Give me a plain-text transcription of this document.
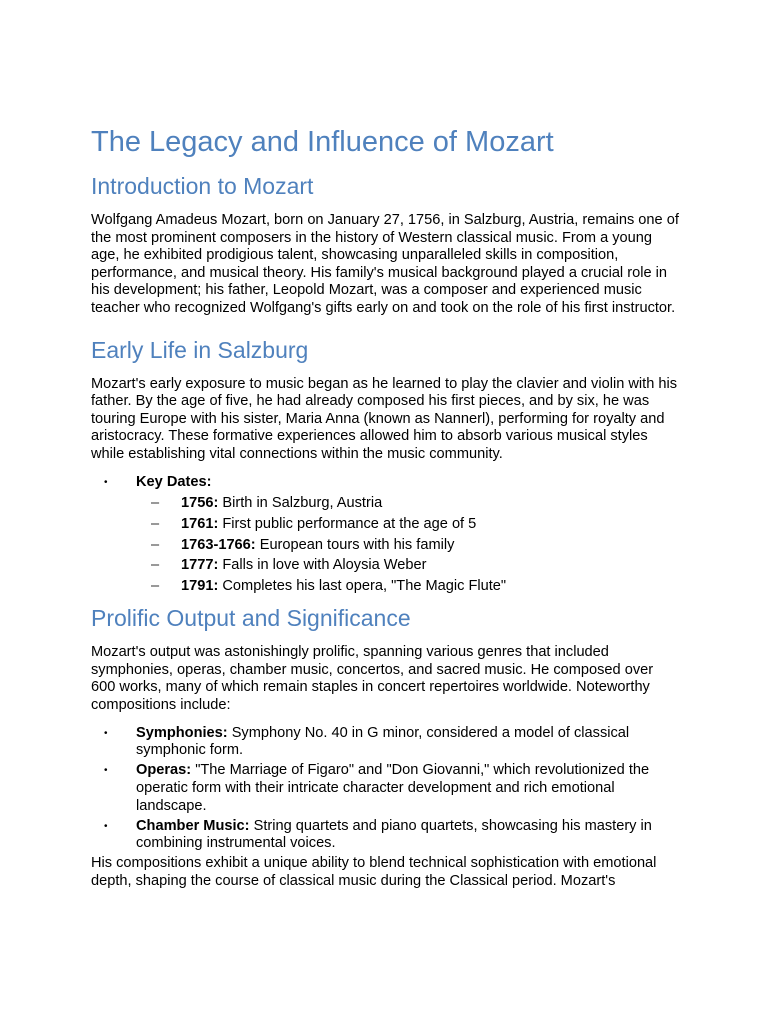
The Legacy and Influence of Mozart
Introduction to Mozart

Wolfgang Amadeus Mozart, born on January 27, 1756, in Salzburg, Austria, remains one of the most prominent composers in the history of Western classical music. From a young age, he exhibited prodigious talent, showcasing unparalleled skills in composition, performance, and musical theory. His family's musical background played a crucial role in his development; his father, Leopold Mozart, was a composer and experienced music teacher who recognized Wolfgang's gifts early on and took on the role of his first instructor.

Early Life in Salzburg

Mozart's early exposure to music began as he learned to play the clavier and violin with his father. By the age of five, he had already composed his first pieces, and by six, he was touring Europe with his sister, Maria Anna (known as Nannerl), performing for royalty and aristocracy. These formative experiences allowed him to absorb various musical styles while establishing vital connections within the music community.

• Key Dates:
– 1756: Birth in Salzburg, Austria
– 1761: First public performance at the age of 5
– 1763-1766: European tours with his family
– 1777: Falls in love with Aloysia Weber
– 1791: Completes his last opera, "The Magic Flute"
Prolific Output and Significance

Mozart's output was astonishingly prolific, spanning various genres that included symphonies, operas, chamber music, concertos, and sacred music. He composed over 600 works, many of which remain staples in concert repertoires worldwide. Noteworthy compositions include:

• Symphonies: Symphony No. 40 in G minor, considered a model of classical symphonic form.
• Operas: "The Marriage of Figaro" and "Don Giovanni," which revolutionized the operatic form with their intricate character development and rich emotional landscape.
• Chamber Music: String quartets and piano quartets, showcasing his mastery in combining instrumental voices.

His compositions exhibit a unique ability to blend technical sophistication with emotional depth, shaping the course of classical music during the Classical period. Mozart's
